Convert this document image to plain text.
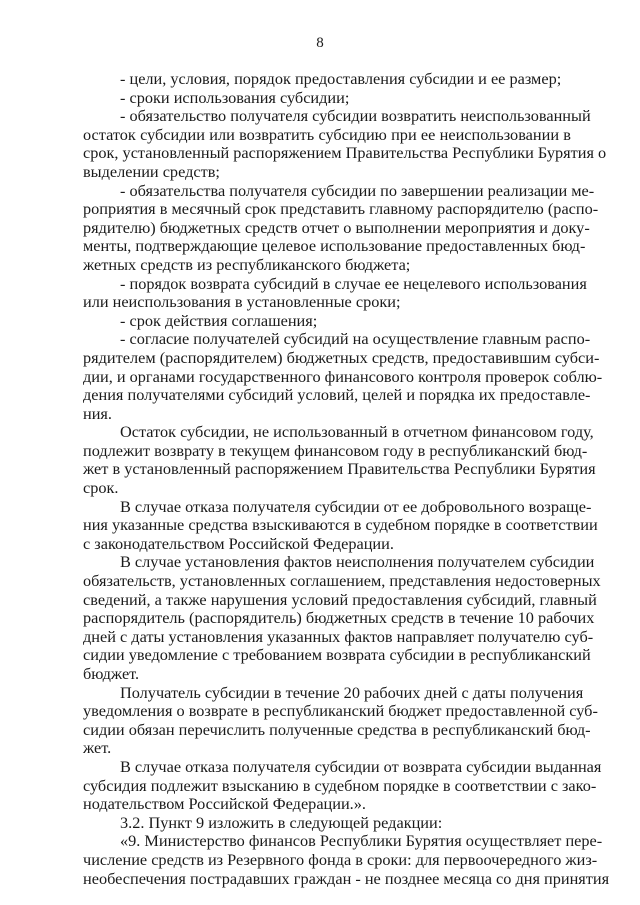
8
- цели, условия, порядок предоставления субсидии и ее размер;
- сроки использования субсидии;
- обязательство получателя субсидии возвратить неиспользованный
остаток субсидии или возвратить субсидию при ее неиспользовании в
срок, установленный распоряжением Правительства Республики Бурятия о
выделении средств;
- обязательства получателя субсидии по завершении реализации ме-
роприятия в месячный срок представить главному распорядителю (распо-
рядителю) бюджетных средств отчет о выполнении мероприятия и доку-
менты, подтверждающие целевое использование предоставленных бюд-
жетных средств из республиканского бюджета;
- порядок возврата субсидий в случае ее нецелевого использования
или неиспользования в установленные сроки;
- срок действия соглашения;
- согласие получателей субсидий на осуществление главным распо-
рядителем (распорядителем) бюджетных средств, предоставившим субси-
дии, и органами государственного финансового контроля проверок соблю-
дения получателями субсидий условий, целей и порядка их предоставле-
ния.
Остаток субсидии, не использованный в отчетном финансовом году,
подлежит возврату в текущем финансовом году в республиканский бюд-
жет в установленный распоряжением Правительства Республики Бурятия
срок.
В случае отказа получателя субсидии от ее добровольного возраще-
ния указанные средства взыскиваются в судебном порядке в соответствии
с законодательством Российской Федерации.
В случае установления фактов неисполнения получателем субсидии
обязательств, установленных соглашением, представления недостоверных
сведений, а также нарушения условий предоставления субсидий, главный
распорядитель (распорядитель) бюджетных средств в течение 10 рабочих
дней с даты установления указанных фактов направляет получателю суб-
сидии уведомление с требованием возврата субсидии в республиканский
бюджет.
Получатель субсидии в течение 20 рабочих дней с даты получения
уведомления о возврате в республиканский бюджет предоставленной суб-
сидии обязан перечислить полученные средства в республиканский бюд-
жет.
В случае отказа получателя субсидии от возврата субсидии выданная
субсидия подлежит взысканию в судебном порядке в соответствии с зако-
нодательством Российской Федерации.».
3.2. Пункт 9 изложить в следующей редакции:
«9. Министерство финансов Республики Бурятия осуществляет пере-
числение средств из Резервного фонда в сроки: для первоочередного жиз-
необеспечения пострадавших граждан - не позднее месяца со дня принятия
